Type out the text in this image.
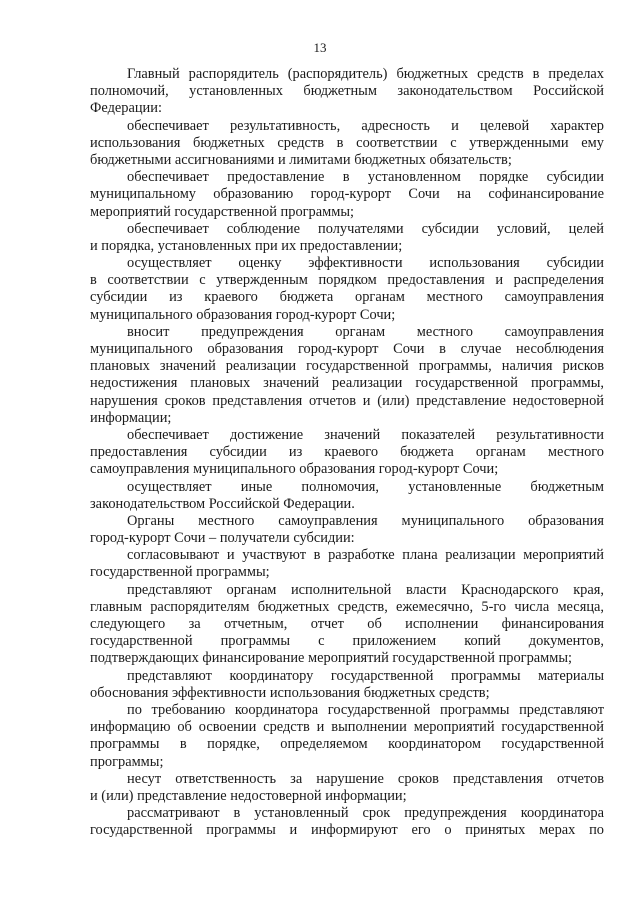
13
Главный распорядитель (распорядитель) бюджетных средств в пределах
полномочий, установленных бюджетным законодательством Российской
Федерации:
обеспечивает результативность, адресность и целевой характер
использования бюджетных средств в соответствии с утвержденными ему
бюджетными ассигнованиями и лимитами бюджетных обязательств;
обеспечивает предоставление в установленном порядке субсидии
муниципальному образованию город-курорт Сочи на софинансирование
мероприятий государственной программы;
обеспечивает соблюдение получателями субсидии условий, целей
и порядка, установленных при их предоставлении;
осуществляет оценку эффективности использования субсидии
в соответствии с утвержденным порядком предоставления и распределения
субсидии из краевого бюджета органам местного самоуправления
муниципального образования город-курорт Сочи;
вносит предупреждения органам местного самоуправления
муниципального образования город-курорт Сочи в случае несоблюдения
плановых значений реализации государственной программы, наличия рисков
недостижения плановых значений реализации государственной программы,
нарушения сроков представления отчетов и (или) представление недостоверной
информации;
обеспечивает достижение значений показателей результативности
предоставления субсидии из краевого бюджета органам местного
самоуправления муниципального образования город-курорт Сочи;
осуществляет иные полномочия, установленные бюджетным
законодательством Российской Федерации.
Органы местного самоуправления муниципального образования
город-курорт Сочи – получатели субсидии:
согласовывают и участвуют в разработке плана реализации мероприятий
государственной программы;
представляют органам исполнительной власти Краснодарского края,
главным распорядителям бюджетных средств, ежемесячно, 5-го числа месяца,
следующего за отчетным, отчет об исполнении финансирования
государственной программы с приложением копий документов,
подтверждающих финансирование мероприятий государственной программы;
представляют координатору государственной программы материалы
обоснования эффективности использования бюджетных средств;
по требованию координатора государственной программы представляют
информацию об освоении средств и выполнении мероприятий государственной
программы в порядке, определяемом координатором государственной
программы;
несут ответственность за нарушение сроков представления отчетов
и (или) представление недостоверной информации;
рассматривают в установленный срок предупреждения координатора
государственной программы и информируют его о принятых мерах по
